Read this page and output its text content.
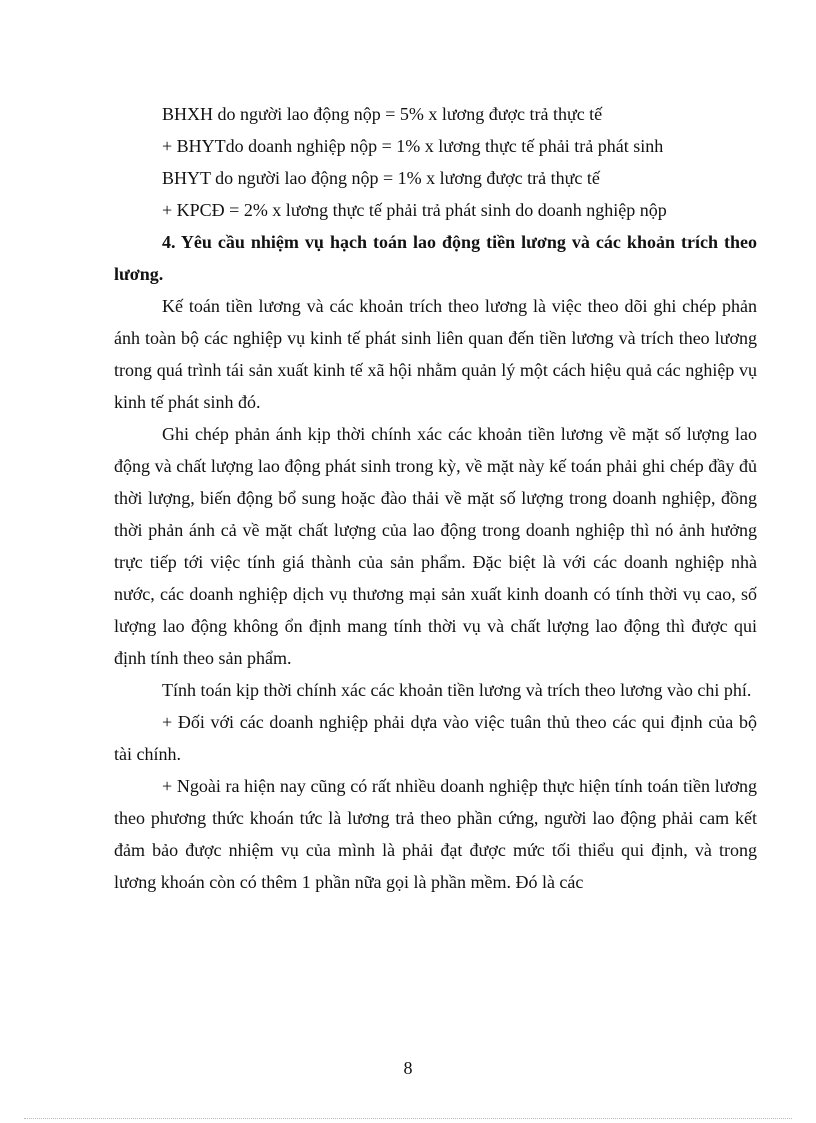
BHXH do người lao động nộp = 5% x lương được trả thực tế

+ BHYTdo doanh nghiệp nộp = 1% x lương thực tế phải trả phát sinh

BHYT do người lao động nộp = 1% x lương được trả thực tế

+ KPCĐ = 2% x lương thực tế phải trả phát sinh do doanh nghiệp nộp

4. Yêu cầu nhiệm vụ hạch toán lao động tiền lương và các khoản trích theo lương.

Kế toán tiền lương và các khoản trích theo lương là việc theo dõi ghi chép phản ánh toàn bộ các nghiệp vụ kinh tế phát sinh liên quan đến tiền lương và trích theo lương trong quá trình tái sản xuất kinh tế xã hội nhằm quản lý một cách hiệu quả các nghiệp vụ kinh tế phát sinh đó.

Ghi chép phản ánh kịp thời chính xác các khoản tiền lương về mặt số lượng lao động và chất lượng lao động phát sinh trong kỳ, về mặt này kế toán phải ghi chép đầy đủ thời lượng, biến động bổ sung hoặc đào thải về mặt số lượng trong doanh nghiệp, đồng thời phản ánh cả về mặt chất lượng của lao động trong doanh nghiệp thì nó ảnh hưởng trực tiếp tới việc tính giá thành của sản phẩm. Đặc biệt là với các doanh nghiệp nhà nước, các doanh nghiệp dịch vụ thương mại sản xuất kinh doanh có tính thời vụ cao, số lượng lao động không ổn định mang tính thời vụ và chất lượng lao động thì được qui định tính theo sản phẩm.

Tính toán kịp thời chính xác các khoản tiền lương và trích theo lương vào chi phí.

+ Đối với các doanh nghiệp phải dựa vào việc tuân thủ theo các qui định của bộ tài chính.

+ Ngoài ra hiện nay cũng có rất nhiều doanh nghiệp thực hiện tính toán tiền lương theo phương thức khoán tức là lương trả theo phần cứng, người lao động phải cam kết đảm bảo được nhiệm vụ của mình là phải đạt được mức tối thiểu qui định, và trong lương khoán còn có thêm 1 phần nữa gọi là phần mềm. Đó là các

8
